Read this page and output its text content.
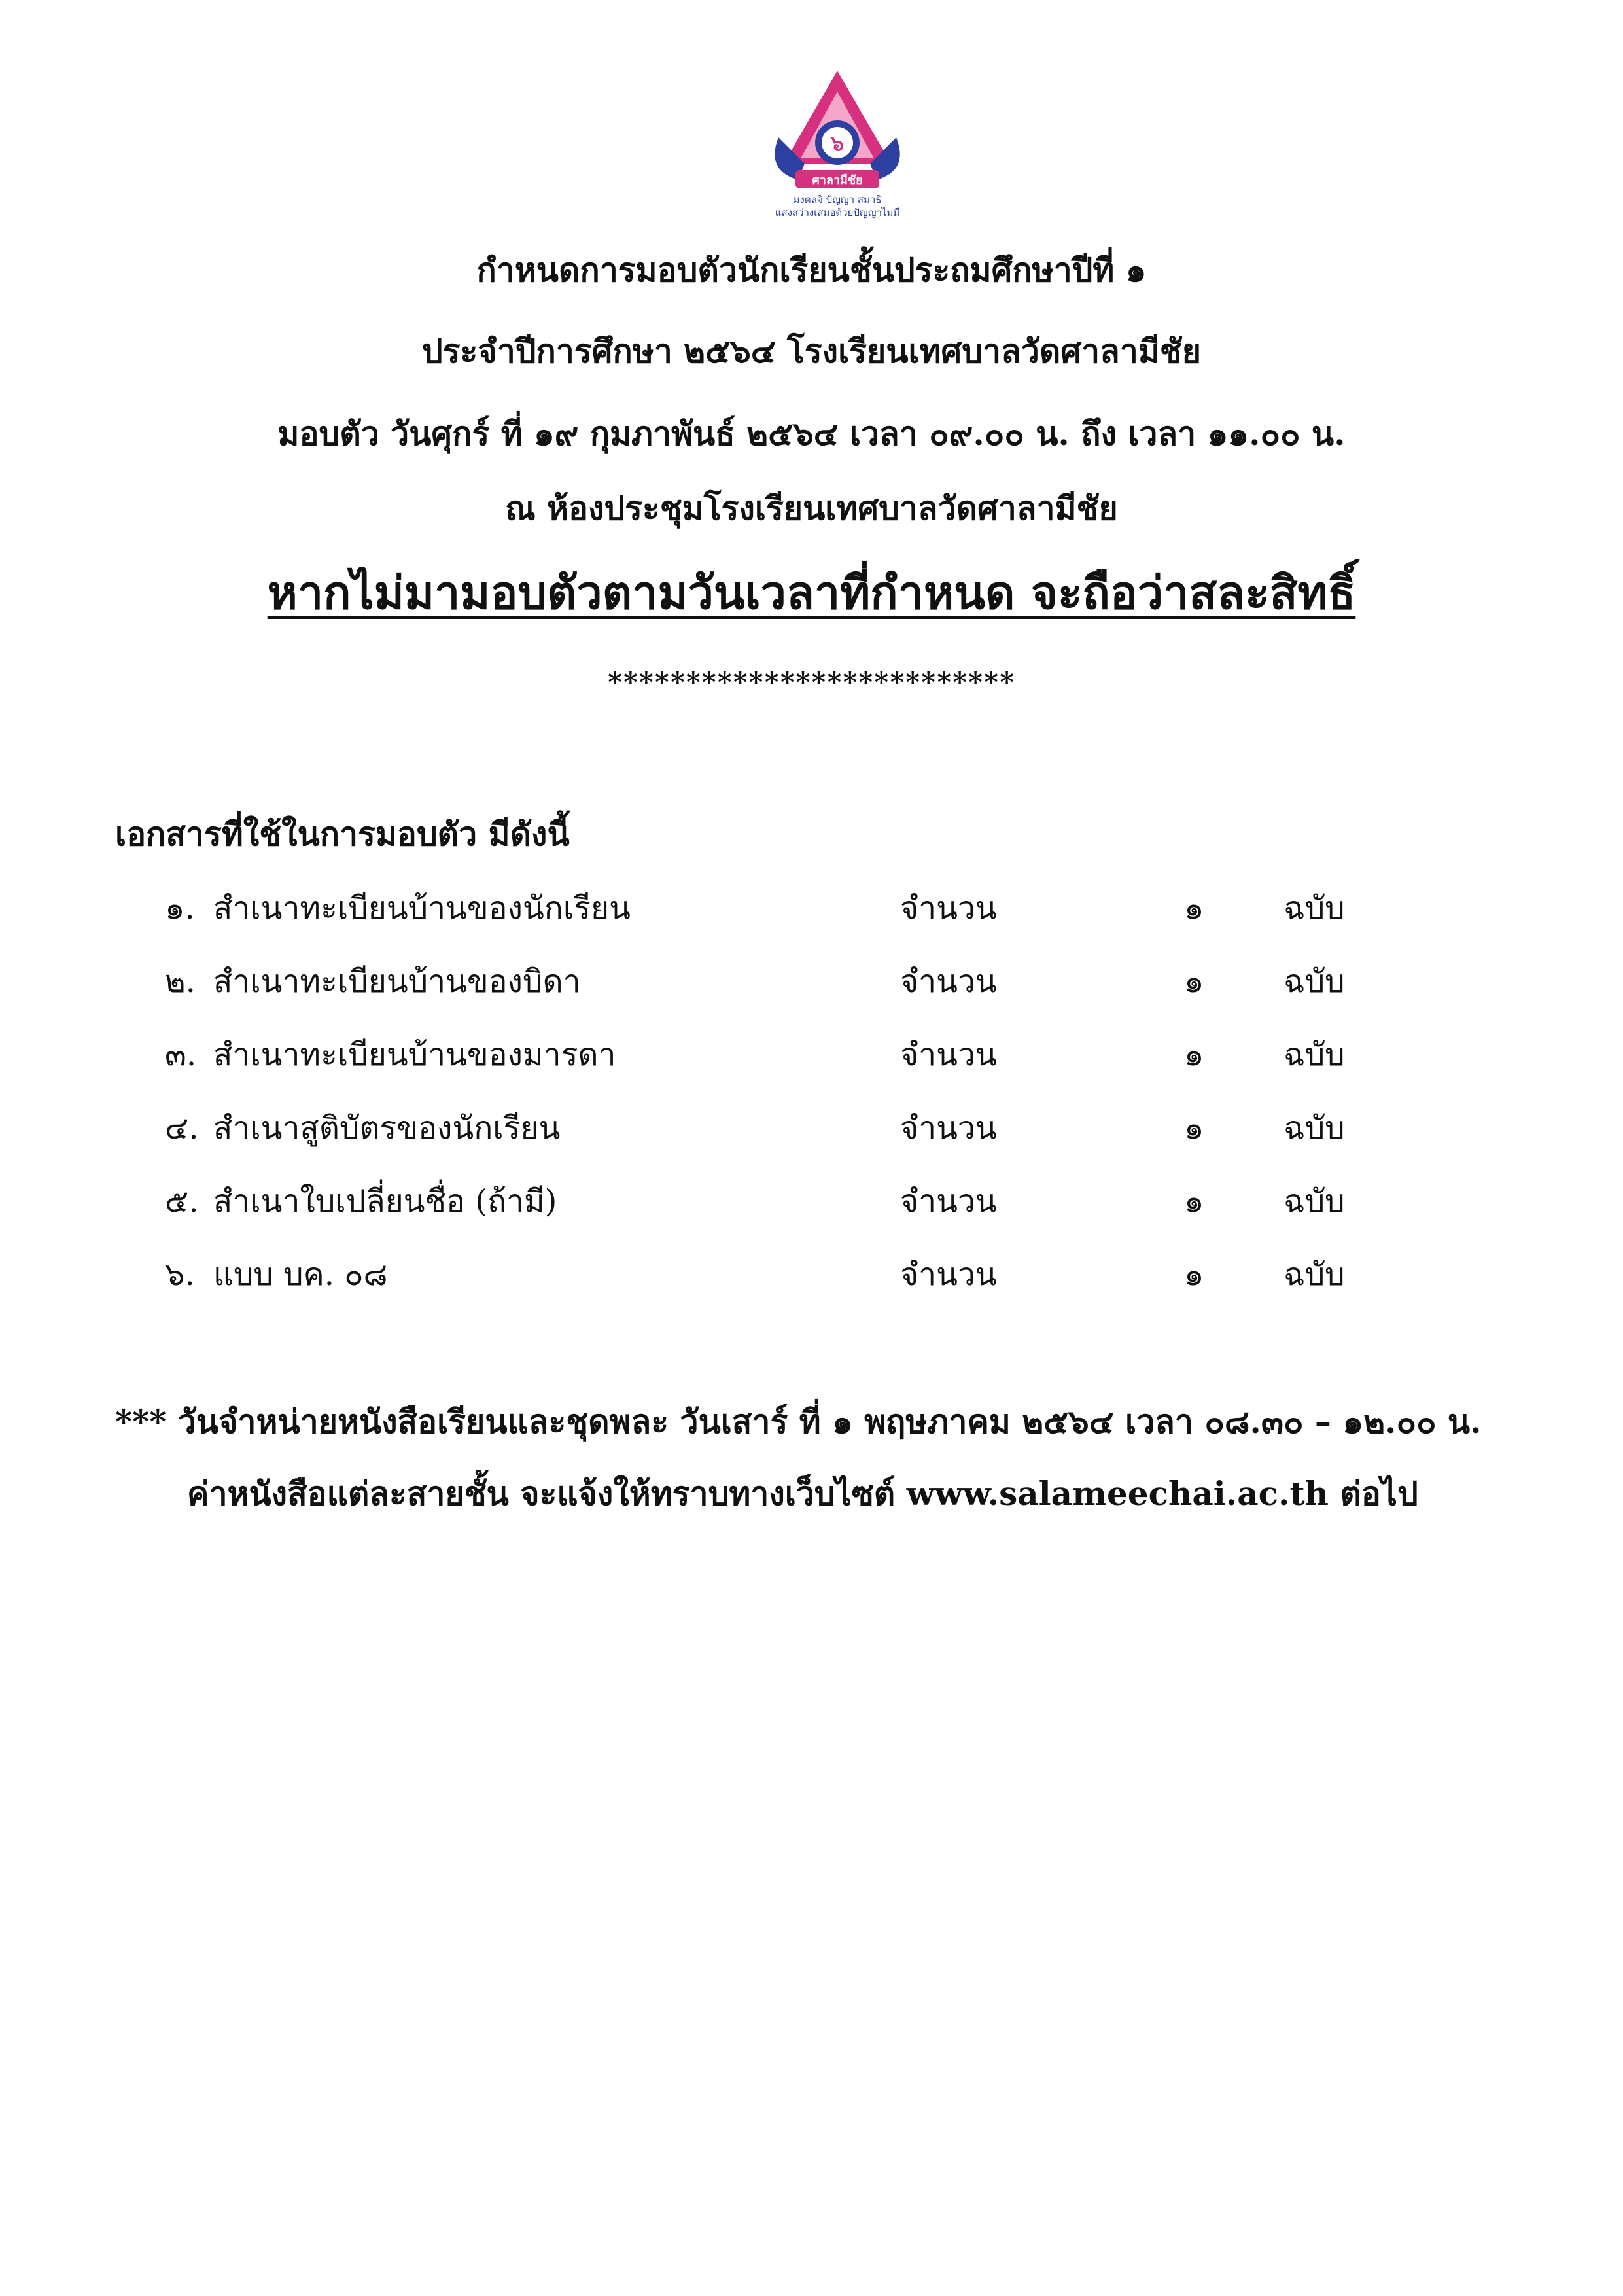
๖
ศาลามีชัย
มงคลจิ ปัญญา สมาธิ
แสงสว่างเสมอด้วยปัญญาไม่มี
กำหนดการมอบตัวนักเรียนชั้นประถมศึกษาปีที่ ๑
ประจำปีการศึกษา ๒๕๖๔ โรงเรียนเทศบาลวัดศาลามีชัย
มอบตัว วันศุกร์ ที่ ๑๙ กุมภาพันธ์ ๒๕๖๔ เวลา ๐๙.๐๐ น. ถึง เวลา ๑๑.๐๐ น.
ณ ห้องประชุมโรงเรียนเทศบาลวัดศาลามีชัย
หากไม่มามอบตัวตามวันเวลาที่กำหนด จะถือว่าสละสิทธิ์
**************************
เอกสารที่ใช้ในการมอบตัว มีดังนี้
๑. สำเนาทะเบียนบ้านของนักเรียน	จำนวน	๑	ฉบับ
๒. สำเนาทะเบียนบ้านของบิดา	จำนวน	๑	ฉบับ
๓. สำเนาทะเบียนบ้านของมารดา	จำนวน	๑	ฉบับ
๔. สำเนาสูติบัตรของนักเรียน	จำนวน	๑	ฉบับ
๕. สำเนาใบเปลี่ยนชื่อ (ถ้ามี)	จำนวน	๑	ฉบับ
๖. แบบ บค. ๐๘	จำนวน	๑	ฉบับ
*** วันจำหน่ายหนังสือเรียนและชุดพละ วันเสาร์ ที่ ๑ พฤษภาคม ๒๕๖๔ เวลา ๐๘.๓๐ – ๑๒.๐๐ น.
ค่าหนังสือแต่ละสายชั้น จะแจ้งให้ทราบทางเว็บไซต์ www.salameechai.ac.th ต่อไป
